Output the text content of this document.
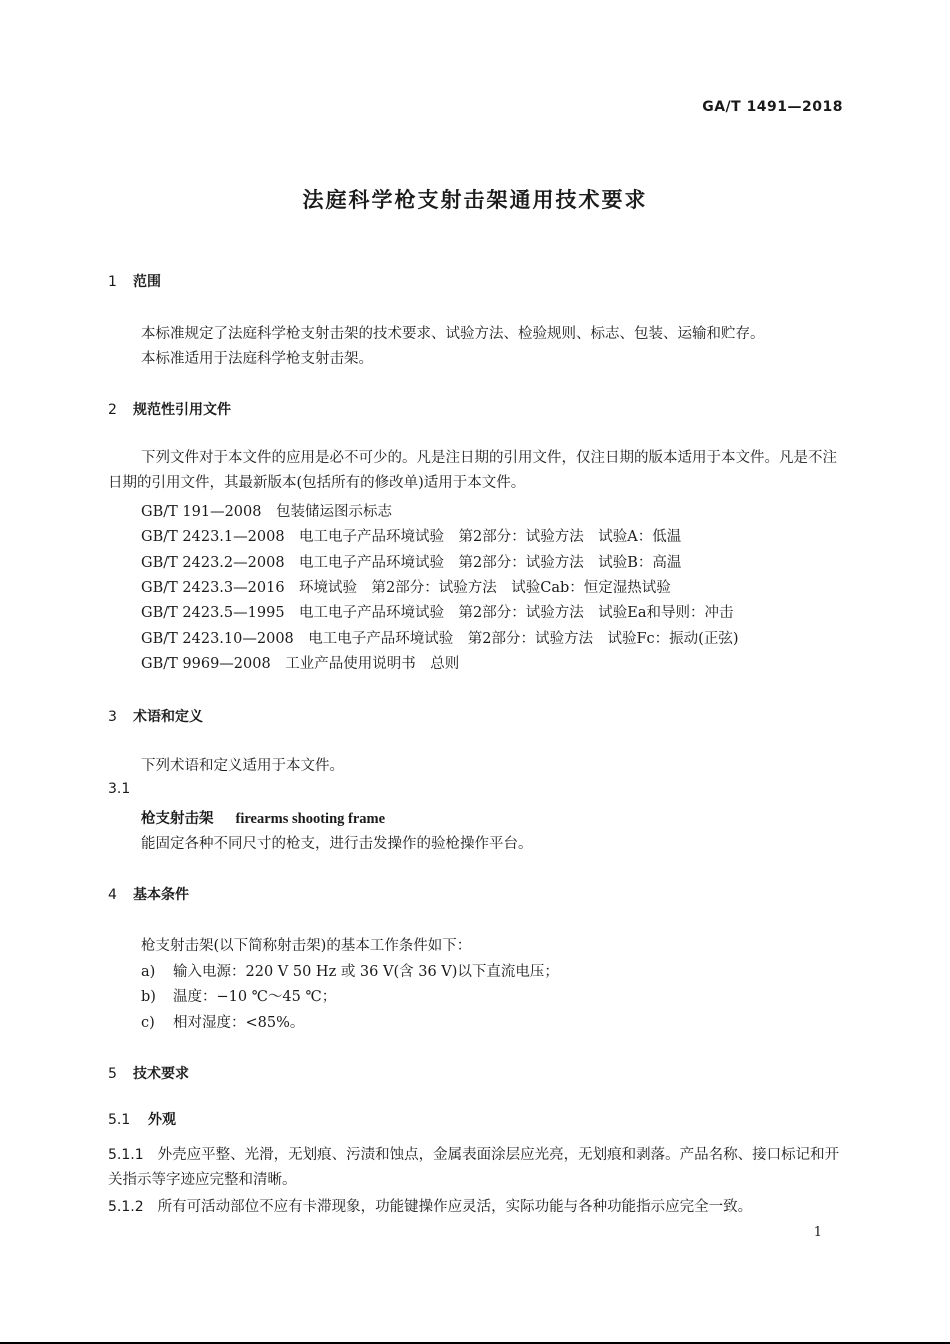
GA/T 1491—2018
法庭科学枪支射击架通用技术要求
1 范围
本标准规定了法庭科学枪支射击架的技术要求、试验方法、检验规则、标志、包装、运输和贮存。
本标准适用于法庭科学枪支射击架。
2 规范性引用文件
下列文件对于本文件的应用是必不可少的。凡是注日期的引用文件，仅注日期的版本适用于本文件。凡是不注日期的引用文件，其最新版本(包括所有的修改单)适用于本文件。
GB/T 191—2008　包装储运图示标志
GB/T 2423.1—2008　电工电子产品环境试验　第2部分：试验方法　试验A：低温
GB/T 2423.2—2008　电工电子产品环境试验　第2部分：试验方法　试验B：高温
GB/T 2423.3—2016　环境试验　第2部分：试验方法　试验Cab：恒定湿热试验
GB/T 2423.5—1995　电工电子产品环境试验　第2部分：试验方法　试验Ea和导则：冲击
GB/T 2423.10—2008　电工电子产品环境试验　第2部分：试验方法　试验Fc：振动(正弦)
GB/T 9969—2008　工业产品使用说明书　总则
3 术语和定义
下列术语和定义适用于本文件。
3.1
枪支射击架 firearms shooting frame
能固定各种不同尺寸的枪支，进行击发操作的验枪操作平台。
4 基本条件
枪支射击架(以下简称射击架)的基本工作条件如下：
a) 输入电源：220 V 50 Hz 或 36 V(含 36 V)以下直流电压；
b) 温度：−10 ℃～45 ℃；
c) 相对湿度：<85%。
5 技术要求
5.1 外观
5.1.1 外壳应平整、光滑，无划痕、污渍和蚀点，金属表面涂层应光亮，无划痕和剥落。产品名称、接口标记和开关指示等字迹应完整和清晰。
5.1.2 所有可活动部位不应有卡滞现象，功能键操作应灵活，实际功能与各种功能指示应完全一致。
1
